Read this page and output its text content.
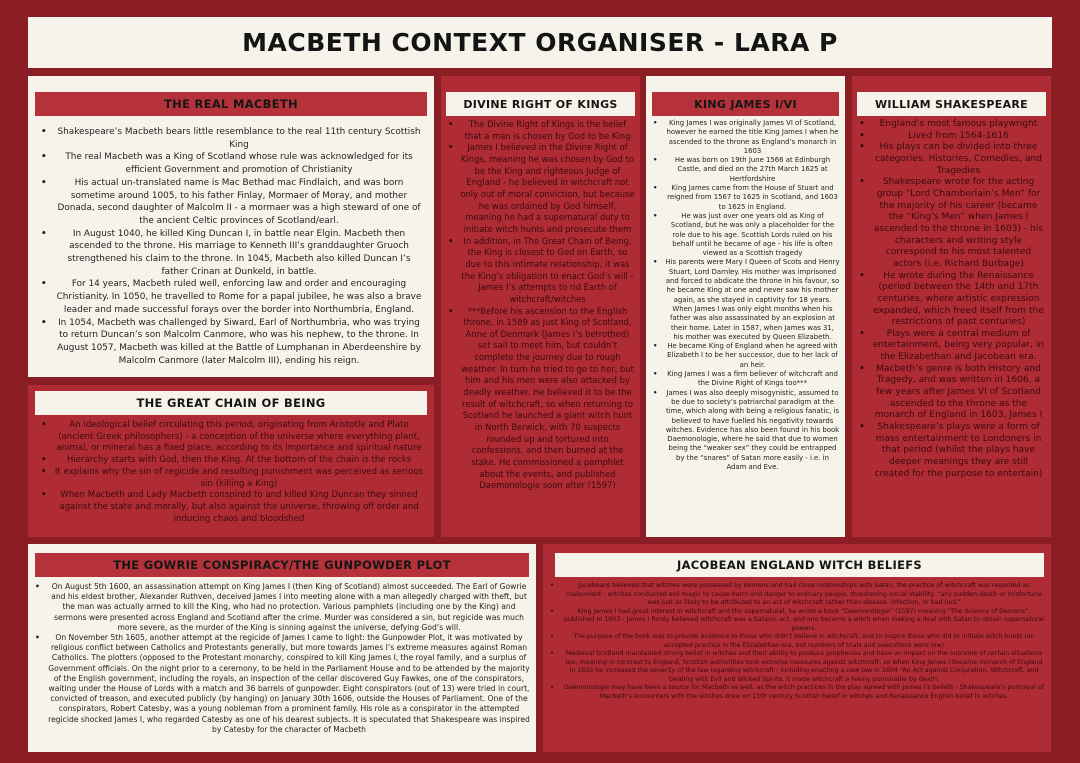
MACBETH CONTEXT ORGANISER - LARA P
THE REAL MACBETH
• Shakespeare’s Macbeth bears little resemblance to the real 11th century Scottish King
• The real Macbeth was a King of Scotland whose rule was acknowledged for its efficient Government and promotion of Christianity
• His actual un-translated name is Mac Bethad mac Findlaich, and was born sometime around 1005, to his father Finlay, Mormaer of Moray, and mother Donada, second daughter of Malcolm II - a mormaer was a high steward of one of the ancient Celtic provinces of Scotland/earl.
• In August 1040, he killed King Duncan I, in battle near Elgin. Macbeth then ascended to the throne. His marriage to Kenneth III’s granddaughter Gruoch strengthened his claim to the throne. In 1045, Macbeth also killed Duncan I’s father Crinan at Dunkeld, in battle.
• For 14 years, Macbeth ruled well, enforcing law and order and encouraging Christianity. In 1050, he travelled to Rome for a papal jubilee, he was also a brave leader and made successful forays over the border into Northumbria, England.
• In 1054, Macbeth was challenged by Siward, Earl of Northumbria, who was trying to return Duncan’s son Malcolm Canmore, who was his nephew, to the throne. In August 1057, Macbeth was killed at the Battle of Lumphanan in Aberdeenshire by Malcolm Canmore (later Malcolm III), ending his reign.
THE GREAT CHAIN OF BEING
• An ideological belief circulating this period, originating from Aristotle and Plato (ancient Greek philosophers) - a conception of the universe where everything plant, animal, or mineral has a fixed place, according to its importance and spiritual nature
• Hierarchy starts with God, then the King. At the bottom of the chain is the rocks
• It explains why the sin of regicide and resulting punishment was perceived as serious sin (killing a King)
• When Macbeth and Lady Macbeth conspired to and killed King Duncan they sinned against the state and morally, but also against the universe, throwing off order and inducing chaos and bloodshed
DIVINE RIGHT OF KINGS
• The Divine Right of Kings is the belief that a man is chosen by God to be King
• James I believed in the Divine Right of Kings, meaning he was chosen by God to be the King and righteous Judge of England - he believed in witchcraft not only out of moral conviction, but because he was ordained by God himself, meaning he had a supernatural duty to initiate witch hunts and prosecute them
• In addition, in The Great Chain of Being, the King is closest to God on Earth, so due to this intimate relationship, it was the King’s obligation to enact God’s will - James I’s attempts to rid Earth of witchcraft/witches
• ***Before his ascension to the English throne, in 1589 as just King of Scotland, Anne of Denmark (James I’s betrothed) set sail to meet him, but couldn’t complete the journey due to rough weather. In turn he tried to go to her, but him and his men were also attacked by deadly weather. He believed it to be the result of witchcraft, so when returning to Scotland he launched a giant witch hunt in North Berwick, with 70 suspects rounded up and tortured into confessions, and then burned at the stake. He commissioned a pamphlet about the events, and published Daemonologie soon after (1597)
KING JAMES I/VI
• King James I was originally James VI of Scotland, however he earned the title King James I when he ascended to the throne as England’s monarch in 1603
• He was born on 19th June 1566 at Edinburgh Castle, and died on the 27th March 1625 at Hertfordshire
• King James came from the House of Stuart and reigned from 1567 to 1625 in Scotland, and 1603 to 1625 in England.
• He was just over one years old as King of Scotland, but he was only a placeholder for the role due to his age. Scottish Lords ruled on his behalf until he became of age - his life is often viewed as a Scottish tragedy
• His parents were Mary I Queen of Scots and Henry Stuart, Lord Darnley. His mother was imprisoned and forced to abdicate the throne in his favour, so he became King at one and never saw his mother again, as she stayed in captivity for 18 years. When James I was only eight months when his father was also assassinated by an explosion at their home. Later in 1587, when James was 31, his mother was executed by Queen Elizabeth.
• He became King of England when he agreed with Elizabeth I to be her successor, due to her lack of an heir.
• King James I was a firm believer of witchcraft and the Divine Right of Kings too***
• James I was also deeply misogynistic, assumed to be due to society’s patriarchal paradigm at the time, which along with being a religious fanatic, is believed to have fuelled his negativity towards witches. Evidence has also been found in his book Daemonologie, where he said that due to women being the “weaker sex” they could be entrapped by the “snares” of Satan more easily - i.e. in Adam and Eve.
WILLIAM SHAKESPEARE
• England’s most famous playwright
• Lived from 1564-1616
• His plays can be divided into three categories: Histories, Comedies, and Tragedies
• Shakespeare wrote for the acting group “Lord Chamberlain’s Men” for the majority of his career (became the “King’s Men” when James I ascended to the throne in 1603) - his characters and writing style correspond to his most talented actors (i.e. Richard Burbage)
• He wrote during the Renaissance (period between the 14th and 17th centuries, where artistic expression expanded, which freed itself from the restrictions of past centuries)
• Plays were a central medium of entertainment, being very popular, in the Elizabethan and Jacobean era.
• Macbeth’s genre is both History and Tragedy, and was written in 1606, a few years after James VI of Scotland ascended to the throne as the monarch of England in 1603, James I
• Shakespeare’s plays were a form of mass entertainment to Londoners in that period (whilst the plays have deeper meanings they are still created for the purpose to entertain)
THE GOWRIE CONSPIRACY/THE GUNPOWDER PLOT
• On August 5th 1600, an assassination attempt on King James I (then King of Scotland) almost succeeded. The Earl of Gowrie and his eldest brother, Alexander Ruthven, deceived James I into meeting alone with a man allegedly charged with theft, but the man was actually armed to kill the King, who had no protection. Various pamphlets (including one by the King) and sermons were presented across England and Scotland after the crime. Murder was considered a sin, but regicide was much more severe, as the murder of the King is sinning against the universe, defying God’s will.
• On November 5th 1605, another attempt at the regicide of James I came to light: the Gunpowder Plot, it was motivated by religious conflict between Catholics and Protestants generally, but more towards James I’s extreme measures against Roman Catholics. The plotters (opposed to the Protestant monarchy, conspired to kill King James I, the royal family, and a surplus of Government officials. On the night prior to a ceremony, to be held in the Parliament House and to be attended by the majority of the English government, including the royals, an inspection of the cellar discovered Guy Fawkes, one of the conspirators, waiting under the House of Lords with a match and 36 barrels of gunpowder. Eight conspirators (out of 13) were tried in court, convicted of treason, and executed publicly (by hanging) on January 30th 1606, outside the Houses of Parliament. One of the conspirators, Robert Catesby, was a young nobleman from a prominent family. His role as a conspirator in the attempted regicide shocked James I, who regarded Catesby as one of his dearest subjects. It is speculated that Shakespeare was inspired by Catesby for the character of Macbeth
JACOBEAN ENGLAND WITCH BELIEFS
• Jacobeans believed that witches were possessed by demons and had close relationships with Satan, the practice of witchcraft was regarded as malevolent - witches conducted evil magic to cause harm and danger to ordinary people, threatening social stability. “any sudden death or misfortune was just as likely to be attributed to an act of witchcraft rather than disease, infection, or bad luck”
• King James I had great interest in witchcraft and the supernatural, he wrote a book “Daemonologie” (1597) meaning “The Science of Demons”, published in 1603 - James I firmly believed witchcraft was a Satanic act, and one became a witch when making a deal with Satan to obtain supernatural powers.
• The purpose of the book was to provide evidence to those who didn’t believe in witchcraft, and to inspire those who did to initiate witch hunts (an accepted practice in the Elizabethan era, but numbers of trials and executions were low)
• Medieval Scotland maintained strong belief in witches and their ability to produce prophecies and have an impact on the outcome of certain situations too, meaning in contrast to England, Scottish authorities took extreme measures against witchcraft, so when King James I became monarch of England in 1603 he increased the severity of the law regarding witchcraft - including enacting a new law in 1604 “An Act against Conjuration, Witchcraft, and Dealing with Evil and Wicked Spirits, it made witchcraft a felony punishable by death.
• Daemonologie may have been a source for Macbeth as well, as the witch practices in the play agreed with James I’s beliefs - Shakespeare’s portrayal of Macbeth’s encounters with the witches drew on 11th century Scottish belief in witches and Renaissance English belief in witches.
